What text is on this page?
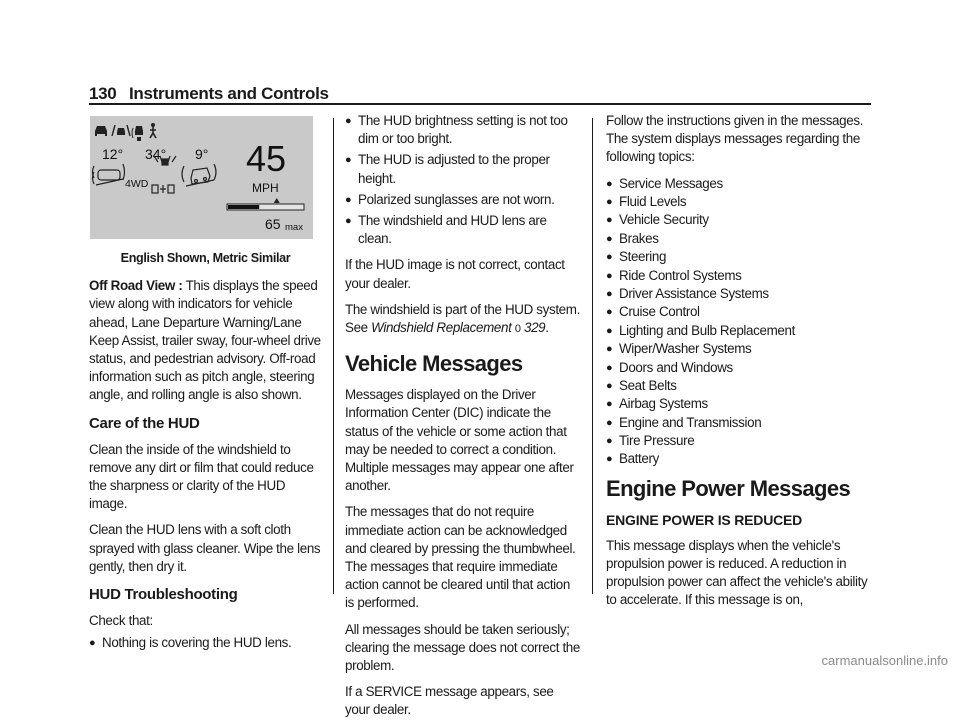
130 Instruments and Controls
12° 34° 9°
4WD
45
MPH
65 max
English Shown, Metric Similar

Off Road View : This displays the speed view along with indicators for vehicle ahead, Lane Departure Warning/Lane Keep Assist, trailer sway, four-wheel drive status, and pedestrian advisory. Off-road information such as pitch angle, steering angle, and rolling angle is also shown.

Care of the HUD

Clean the inside of the windshield to remove any dirt or film that could reduce the sharpness or clarity of the HUD image.

Clean the HUD lens with a soft cloth sprayed with glass cleaner. Wipe the lens gently, then dry it.

HUD Troubleshooting

Check that:

● Nothing is covering the HUD lens.
● The HUD brightness setting is not too dim or too bright.
● The HUD is adjusted to the proper height.
● Polarized sunglasses are not worn.
● The windshield and HUD lens are clean.

If the HUD image is not correct, contact your dealer.

The windshield is part of the HUD system. See Windshield Replacement 0 329.

Vehicle Messages

Messages displayed on the Driver Information Center (DIC) indicate the status of the vehicle or some action that may be needed to correct a condition. Multiple messages may appear one after another.

The messages that do not require immediate action can be acknowledged and cleared by pressing the thumbwheel. The messages that require immediate action cannot be cleared until that action is performed.

All messages should be taken seriously; clearing the message does not correct the problem.

If a SERVICE message appears, see your dealer.

Follow the instructions given in the messages. The system displays messages regarding the following topics:

● Service Messages
● Fluid Levels
● Vehicle Security
● Brakes
● Steering
● Ride Control Systems
● Driver Assistance Systems
● Cruise Control
● Lighting and Bulb Replacement
● Wiper/Washer Systems
● Doors and Windows
● Seat Belts
● Airbag Systems
● Engine and Transmission
● Tire Pressure
● Battery
Engine Power Messages
ENGINE POWER IS REDUCED

This message displays when the vehicle's propulsion power is reduced. A reduction in propulsion power can affect the vehicle's ability to accelerate. If this message is on,

carmanualsonline.info
